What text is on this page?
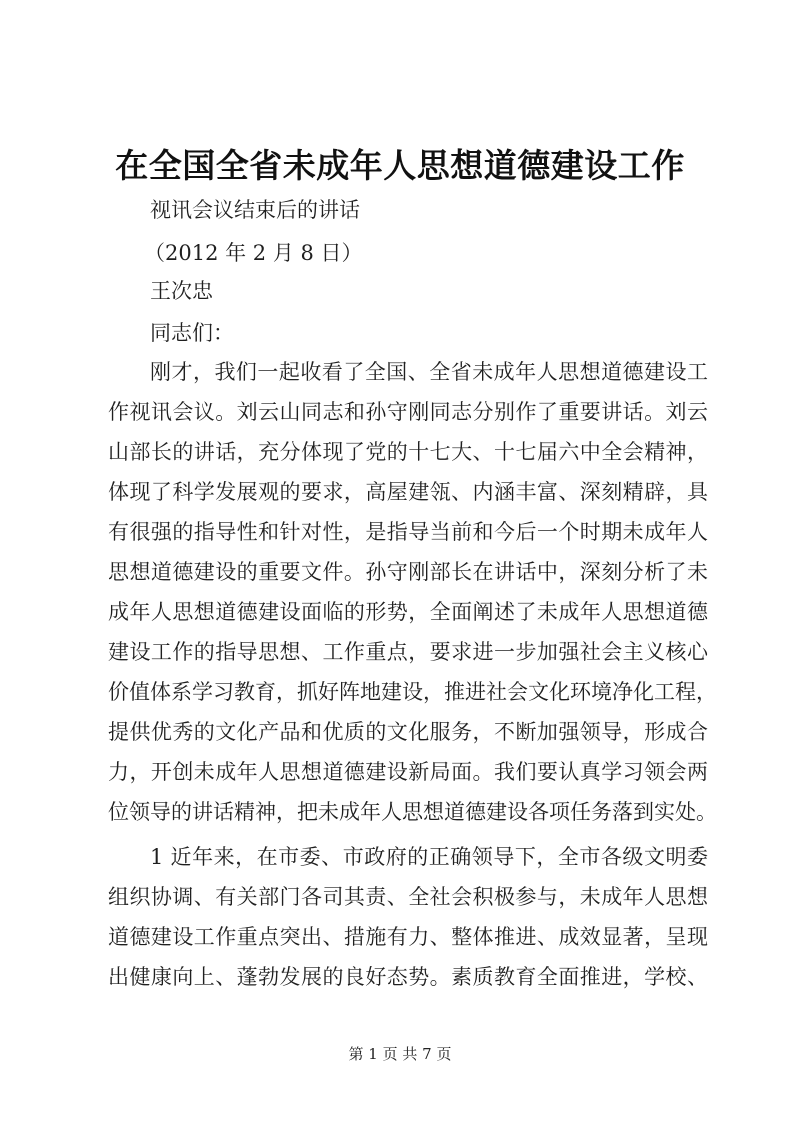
在全国全省未成年人思想道德建设工作
视讯会议结束后的讲话
（2012 年 2 月 8 日）
王次忠
同志们：
刚才，我们一起收看了全国、全省未成年人思想道德建设工
作视讯会议。刘云山同志和孙守刚同志分别作了重要讲话。刘云
山部长的讲话，充分体现了党的十七大、十七届六中全会精神，
体现了科学发展观的要求，高屋建瓴、内涵丰富、深刻精辟，具
有很强的指导性和针对性，是指导当前和今后一个时期未成年人
思想道德建设的重要文件。孙守刚部长在讲话中，深刻分析了未
成年人思想道德建设面临的形势，全面阐述了未成年人思想道德
建设工作的指导思想、工作重点，要求进一步加强社会主义核心
价值体系学习教育，抓好阵地建设，推进社会文化环境净化工程，
提供优秀的文化产品和优质的文化服务，不断加强领导，形成合
力，开创未成年人思想道德建设新局面。我们要认真学习领会两
位领导的讲话精神，把未成年人思想道德建设各项任务落到实处。
1 近年来，在市委、市政府的正确领导下，全市各级文明委
组织协调、有关部门各司其责、全社会积极参与，未成年人思想
道德建设工作重点突出、措施有力、整体推进、成效显著，呈现
出健康向上、蓬勃发展的良好态势。素质教育全面推进，学校、
第 1 页 共 7 页
